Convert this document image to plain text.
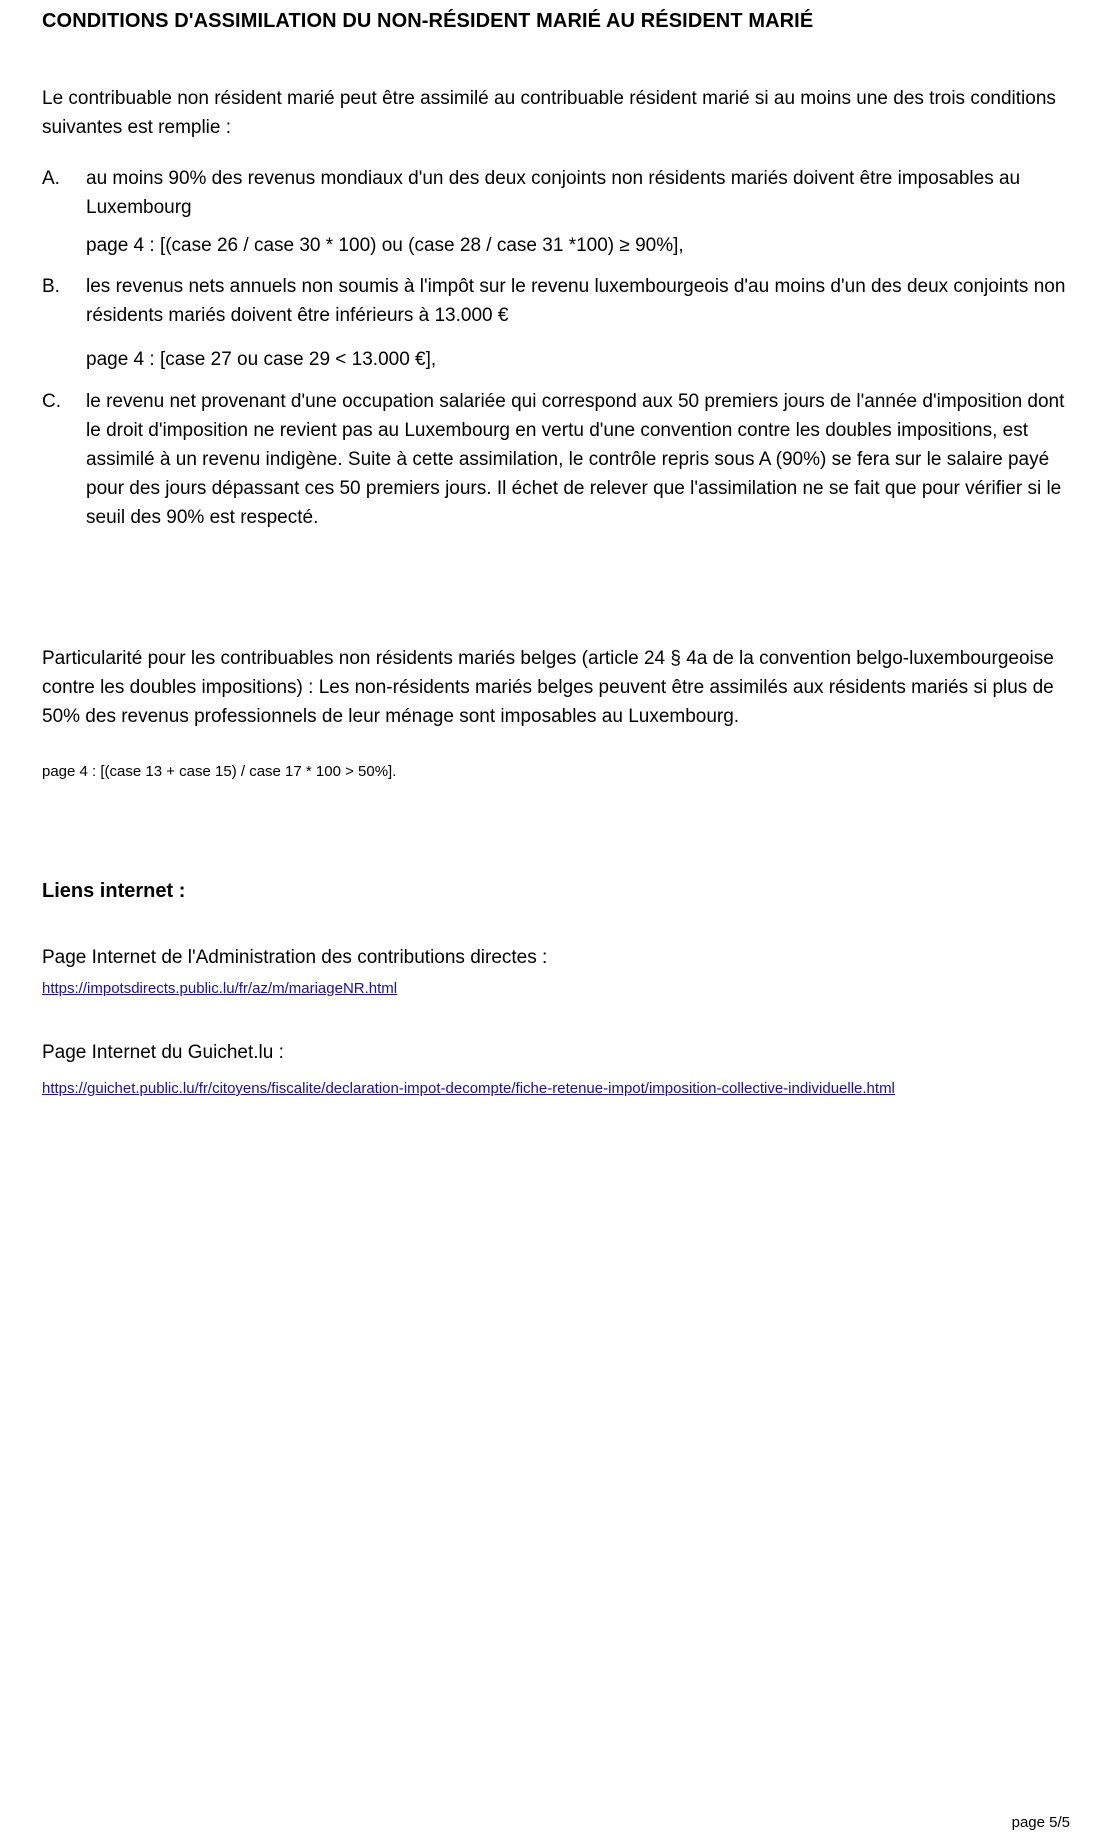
CONDITIONS D'ASSIMILATION DU NON-RÉSIDENT MARIÉ AU RÉSIDENT MARIÉ

Le contribuable non résident marié peut être assimilé au contribuable résident marié si au moins une des trois conditions suivantes est remplie :

A. au moins 90% des revenus mondiaux d'un des deux conjoints non résidents mariés doivent être imposables au Luxembourg
page 4 : [(case 26 / case 30 * 100) ou (case 28 / case 31 *100) ≥ 90%],
B. les revenus nets annuels non soumis à l'impôt sur le revenu luxembourgeois d'au moins d'un des deux conjoints non résidents mariés doivent être inférieurs à 13.000 €
page 4 : [case 27 ou case 29 < 13.000 €],
C. le revenu net provenant d'une occupation salariée qui correspond aux 50 premiers jours de l'année d'imposition dont le droit d'imposition ne revient pas au Luxembourg en vertu d'une convention contre les doubles impositions, est assimilé à un revenu indigène. Suite à cette assimilation, le contrôle repris sous A (90%) se fera sur le salaire payé pour des jours dépassant ces 50 premiers jours. Il échet de relever que l'assimilation ne se fait que pour vérifier si le seuil des 90% est respecté.

Particularité pour les contribuables non résidents mariés belges (article 24 § 4a de la convention belgo-luxembourgeoise contre les doubles impositions) : Les non-résidents mariés belges peuvent être assimilés aux résidents mariés si plus de 50% des revenus professionnels de leur ménage sont imposables au Luxembourg.

page 4 : [(case 13 + case 15) / case 17 * 100 > 50%].
Liens internet :
Page Internet de l'Administration des contributions directes :
https://impotsdirects.public.lu/fr/az/m/mariageNR.html
Page Internet du Guichet.lu :
https://guichet.public.lu/fr/citoyens/fiscalite/declaration-impot-decompte/fiche-retenue-impot/imposition-collective-individuelle.html
page 5/5
